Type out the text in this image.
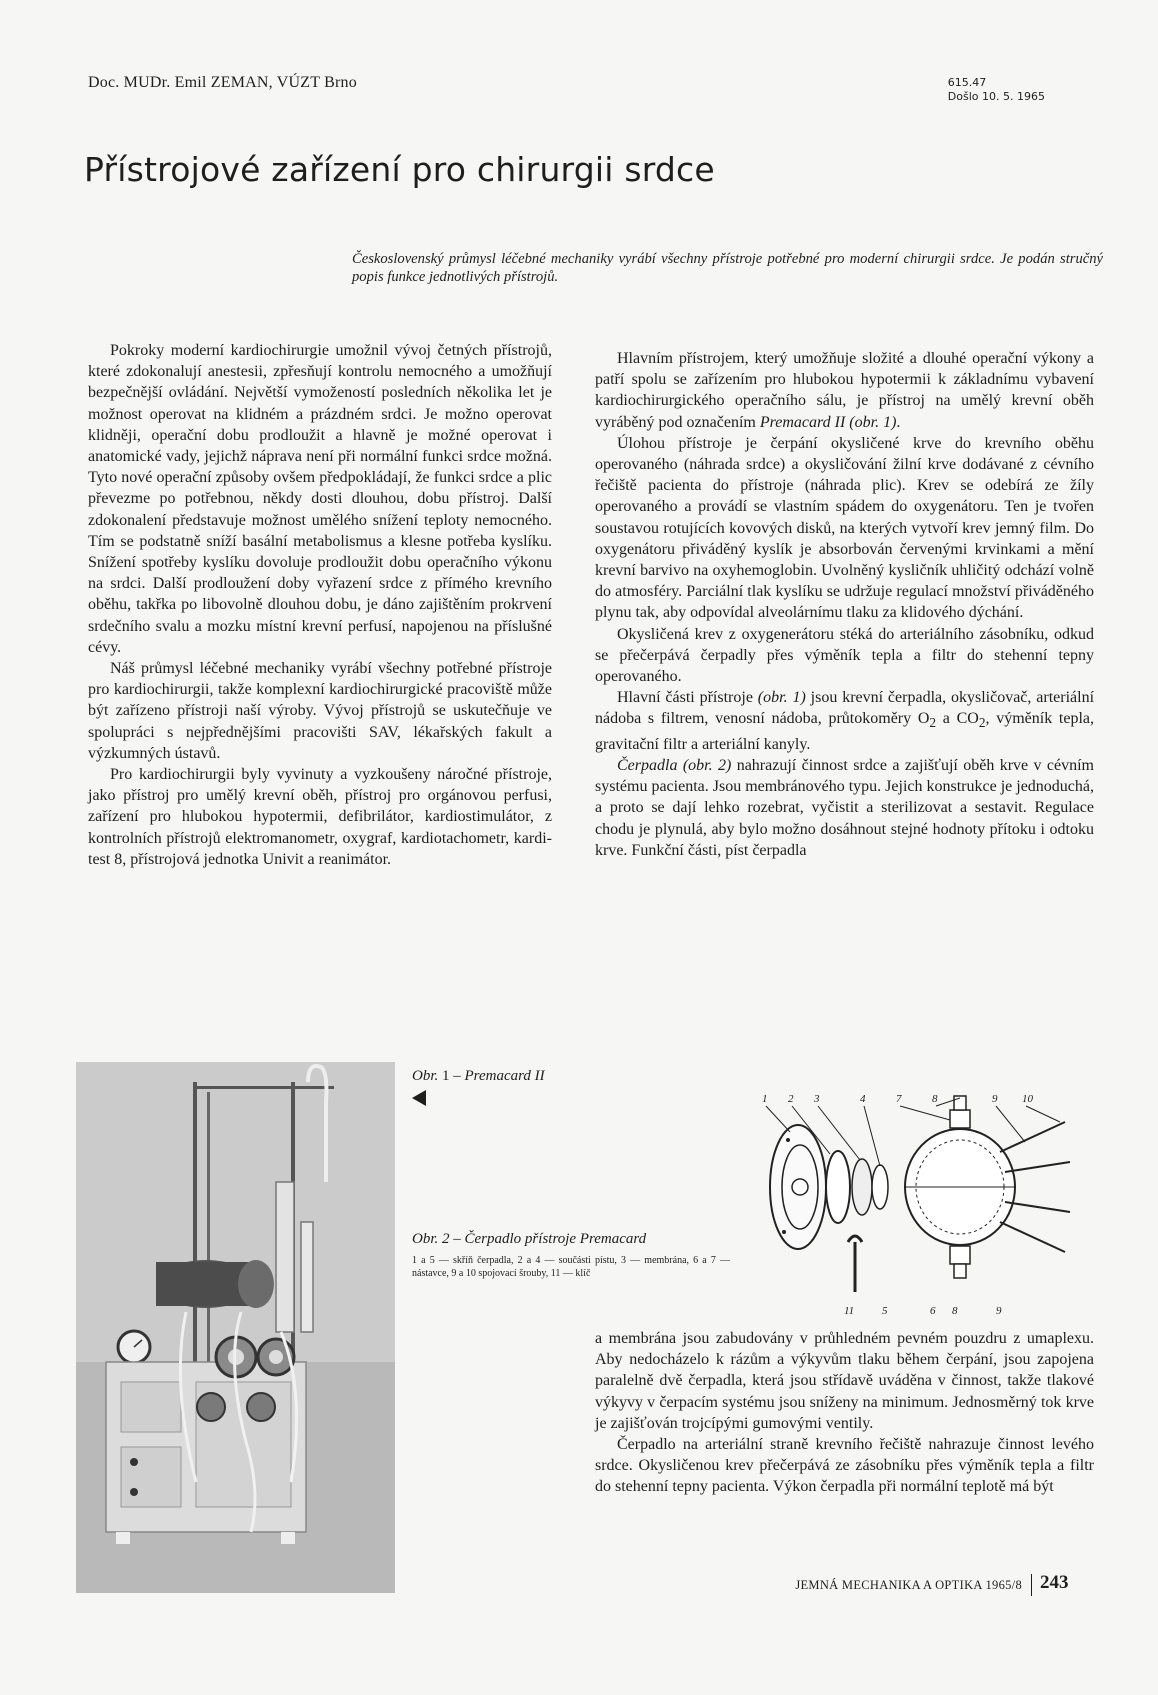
Doc. MUDr. Emil ZEMAN, VÚZT Brno	615.47
Došlo 10. 5. 1965
Přístrojové zařízení pro chirurgii srdce

Československý průmysl léčebné mechaniky vyrábí všechny přístroje potřebné pro moderní chirurgii srdce. Je podán stručný popis funkce jednotlivých přístrojů.

Pokroky moderní kardiochirurgie umožnil vývoj četných přístrojů, které zdokonalují anestesii, zpřesňují kontrolu nemocného a umožňují bezpečnější ovládání. Největší vymožeností posledních několika let je možnost operovat na klidném a prázdném srdci. Je možno operovat klidněji, operační dobu prodloužit a hlavně je možné operovat i anatomické vady, jejichž náprava není při normální funkci srdce možná. Tyto nové operační způsoby ovšem předpokládají, že funkci srdce a plic převezme po potřebnou, někdy dosti dlouhou, dobu přístroj. Další zdokonalení představuje možnost umělého snížení teploty nemocného. Tím se podstatně sníží basální metabolismus a klesne potřeba kyslíku. Snížení spotřeby kyslíku dovoluje prodloužit dobu operačního výkonu na srdci. Další prodloužení doby vyřazení srdce z přímého krevního oběhu, takřka po libovolně dlouhou dobu, je dáno zajištěním prokrvení srdečního svalu a mozku místní krevní perfusí, napojenou na příslušné cévy.

Náš průmysl léčebné mechaniky vyrábí všechny potřebné přístroje pro kardiochirurgii, takže komplexní kardiochirurgické pracoviště může být zařízeno přístroji naší výroby. Vývoj přístrojů se uskutečňuje ve spolupráci s nejpřednějšími pracovišti SAV, lékařských fakult a výzkumných ústavů.

Pro kardiochirurgii byly vyvinuty a vyzkoušeny náročné přístroje, jako přístroj pro umělý krevní oběh, přístroj pro orgánovou perfusi, zařízení pro hlubokou hypotermii, defibrilátor, kardiostimulátor, z kontrolních přístrojů elektromanometr, oxygraf, kardiotachometr, kardi-test 8, přístrojová jednotka Univit a reanimátor.

Hlavním přístrojem, který umožňuje složité a dlouhé operační výkony a patří spolu se zařízením pro hlubokou hypotermii k základnímu vybavení kardiochirurgického operačního sálu, je přístroj na umělý krevní oběh vyráběný pod označením Premacard II (obr. 1).

Úlohou přístroje je čerpání okysličené krve do krevního oběhu operovaného (náhrada srdce) a okysličování žilní krve dodávané z cévního řečiště pacienta do přístroje (náhrada plic). Krev se odebírá ze žíly operovaného a provádí se vlastním spádem do oxygenátoru. Ten je tvořen soustavou rotujících kovových disků, na kterých vytvoří krev jemný film. Do oxygenátoru přiváděný kyslík je absorbován červenými krvinkami a mění krevní barvivo na oxyhemoglobin. Uvolněný kysličník uhličitý odchází volně do atmosféry. Parciální tlak kyslíku se udržuje regulací množství přiváděného plynu tak, aby odpovídal alveolárnímu tlaku za klidového dýchání.

Okysličená krev z oxygenerátoru stéká do arteriálního zásobníku, odkud se přečerpává čerpadly přes výměník tepla a filtr do stehenní tepny operovaného.

Hlavní části přístroje (obr. 1) jsou krevní čerpadla, okysličovač, arteriální nádoba s filtrem, venosní nádoba, průtokoměry $O_2$ a $CO_2$, výměník tepla, gravitační filtr a arteriální kanyly.

Čerpadla (obr. 2) nahrazují činnost srdce a zajišťují oběh krve v cévním systému pacienta. Jsou membránového typu. Jejich konstrukce je jednoduchá, a proto se dají lehko rozebrat, vyčistit a sterilizovat a sestavit. Regulace chodu je plynulá, aby bylo možno dosáhnout stejné hodnoty přítoku i odtoku krve. Funkční části, píst čerpadla

a membrána jsou zabudovány v průhledném pevném pouzdru z umaplexu. Aby nedocházelo k rázům a výkyvům tlaku během čerpání, jsou zapojena paralelně dvě čerpadla, která jsou střídavě uváděna v činnost, takže tlakové výkyvy v čerpacím systému jsou sníženy na minimum. Jednosměrný tok krve je zajišťován trojcípými gumovými ventily.

Čerpadlo na arteriální straně krevního řečiště nahrazuje činnost levého srdce. Okysličenou krev přečerpává ze zásobníku přes výměník tepla a filtr do stehenní tepny pacienta. Výkon čerpadla při normální teplotě má být

Obr. 1 – Premacard II
Obr. 2 – Čerpadlo přístroje Premacard

1 a 5 — skříň čerpadla, 2 a 4 — součásti pístu, 3 — membrána, 6 a 7 — nástavce, 9 a 10 spojovací šrouby, 11 — klíč

1 2 3	4	7	8	9 10
11	5	6 8	9
JEMNÁ MECHANIKA A OPTIKA 1965/8 243
